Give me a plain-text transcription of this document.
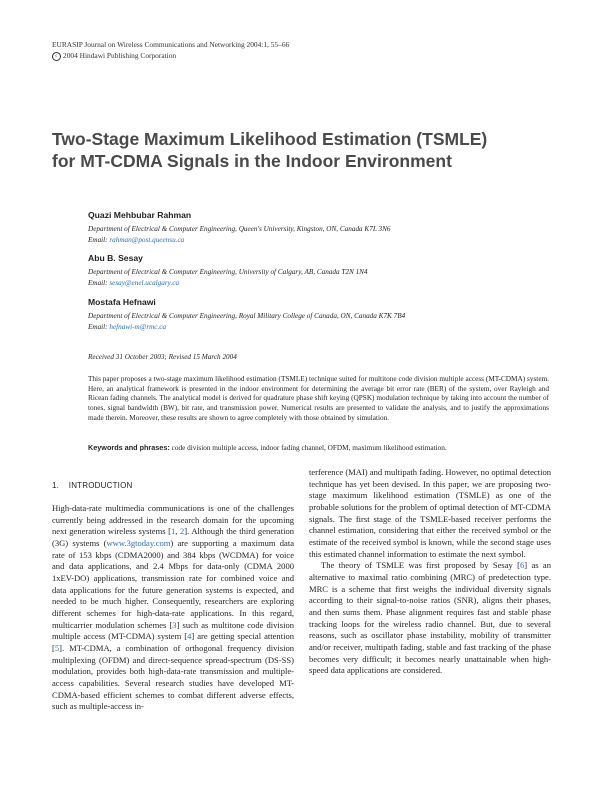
EURASIP Journal on Wireless Communications and Networking 2004:1, 55–66
c 2004 Hindawi Publishing Corporation
Two-Stage Maximum Likelihood Estimation (TSMLE)
for MT-CDMA Signals in the Indoor Environment
Quazi Mehbubar Rahman
Department of Electrical & Computer Engineering, Queen's University, Kingston, ON, Canada K7L 3N6
Email: rahman@post.queensu.ca
Abu B. Sesay
Department of Electrical & Computer Engineering, University of Calgary, AB, Canada T2N 1N4
Email: sesay@enel.ucalgary.ca
Mostafa Hefnawi
Department of Electrical & Computer Engineering, Royal Military College of Canada, ON, Canada K7K 7B4
Email: hefnawi-m@rmc.ca
Received 31 October 2003; Revised 15 March 2004

This paper proposes a two-stage maximum likelihood estimation (TSMLE) technique suited for multitone code division multiple access (MT-CDMA) system. Here, an analytical framework is presented in the indoor environment for determining the average bit error rate (BER) of the system, over Rayleigh and Ricean fading channels. The analytical model is derived for quadrature phase shift keying (QPSK) modulation technique by taking into account the number of tones, signal bandwidth (BW), bit rate, and transmission power. Numerical results are presented to validate the analysis, and to justify the approximations made therein. Moreover, these results are shown to agree completely with those obtained by simulation.

Keywords and phrases: code division multiple access, indoor fading channel, OFDM, maximum likelihood estimation.

1. INTRODUCTION

High-data-rate multimedia communications is one of the challenges currently being addressed in the research domain for the upcoming next generation wireless systems [1, 2]. Although the third generation (3G) systems (www.3gtoday.com) are supporting a maximum data rate of 153 kbps (CDMA2000) and 384 kbps (WCDMA) for voice and data applications, and 2.4 Mbps for data-only (CDMA 2000 1xEV-DO) applications, transmission rate for combined voice and data applications for the future generation systems is expected, and needed to be much higher. Consequently, researchers are exploring different schemes for high-data-rate applications. In this regard, multicarrier modulation schemes [3] such as multitone code division multiple access (MT-CDMA) system [4] are getting special attention [5]. MT-CDMA, a combination of orthogonal frequency division multiplexing (OFDM) and direct-sequence spread-spectrum (DS-SS) modulation, provides both high-data-rate transmission and multiple-access capabilities. Several research studies have developed MT-CDMA-based efficient schemes to combat different adverse effects, such as multiple-access in-

terference (MAI) and multipath fading. However, no optimal detection technique has yet been devised. In this paper, we are proposing two-stage maximum likelihood estimation (TSMLE) as one of the probable solutions for the problem of optimal detection of MT-CDMA signals. The first stage of the TSMLE-based receiver performs the channel estimation, considering that either the received symbol or the estimate of the received symbol is known, while the second stage uses this estimated channel information to estimate the next symbol.

The theory of TSMLE was first proposed by Sesay [6] as an alternative to maximal ratio combining (MRC) of predetection type. MRC is a scheme that first weighs the individual diversity signals according to their signal-to-noise ratios (SNR), aligns their phases, and then sums them. Phase alignment requires fast and stable phase tracking loops for the wireless radio channel. But, due to several reasons, such as oscillator phase instability, mobility of transmitter and/or receiver, multipath fading, stable and fast tracking of the phase becomes very difficult; it becomes nearly unattainable when high-speed data applications are considered.
